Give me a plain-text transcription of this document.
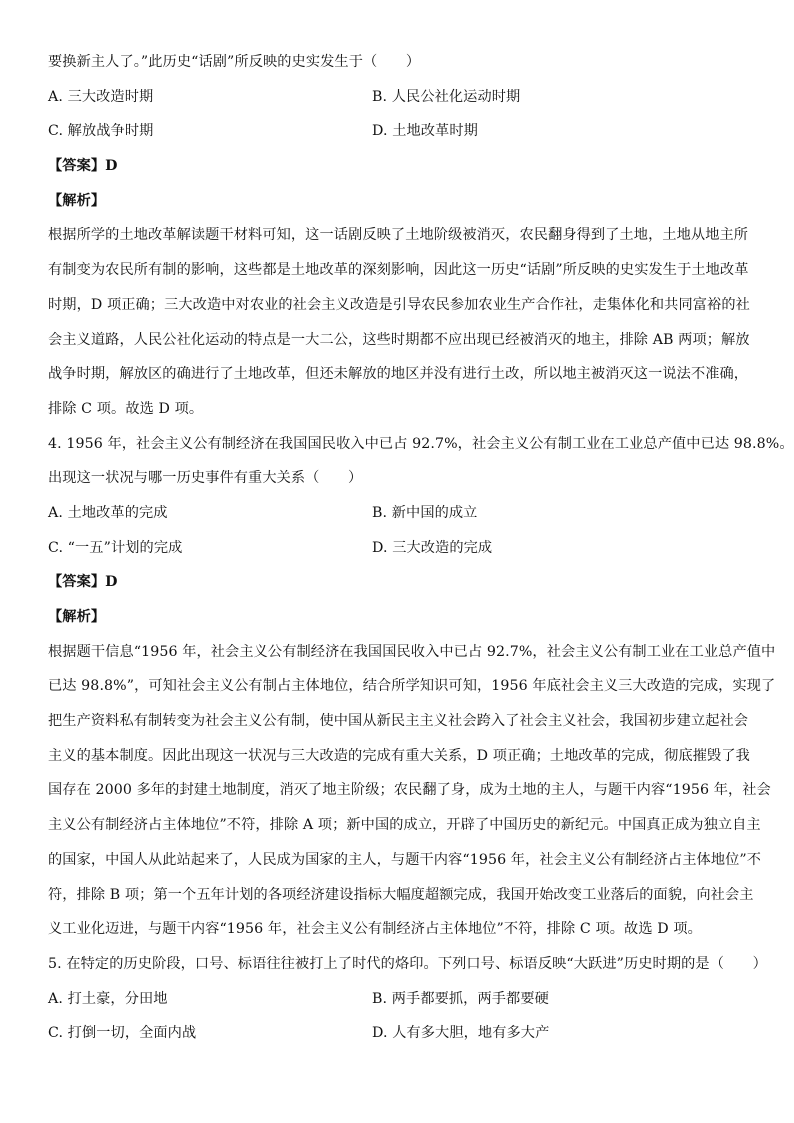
要换新主人了。”此历史“话剧”所反映的史实发生于（　　）

A. 三大改造时期	B. 人民公社化运动时期

C. 解放战争时期	D. 土地改革时期

【答案】D

【解析】

根据所学的土地改革解读题干材料可知，这一话剧反映了土地阶级被消灭，农民翻身得到了土地，土地从地主所

有制变为农民所有制的影响，这些都是土地改革的深刻影响，因此这一历史“话剧”所反映的史实发生于土地改革

时期，D 项正确；三大改造中对农业的社会主义改造是引导农民参加农业生产合作社，走集体化和共同富裕的社

会主义道路，人民公社化运动的特点是一大二公，这些时期都不应出现已经被消灭的地主，排除 AB 两项；解放

战争时期，解放区的确进行了土地改革，但还未解放的地区并没有进行土改，所以地主被消灭这一说法不准确，

排除 C 项。故选 D 项。

4. 1956 年，社会主义公有制经济在我国国民收入中已占 92.7%，社会主义公有制工业在工业总产值中已达 98.8%。

出现这一状况与哪一历史事件有重大关系（　　）

A. 土地改革的完成	B. 新中国的成立

C. “一五”计划的完成	D. 三大改造的完成

【答案】D

【解析】

根据题干信息“1956 年，社会主义公有制经济在我国国民收入中已占 92.7%，社会主义公有制工业在工业总产值中

已达 98.8%”，可知社会主义公有制占主体地位，结合所学知识可知，1956 年底社会主义三大改造的完成，实现了

把生产资料私有制转变为社会主义公有制，使中国从新民主主义社会跨入了社会主义社会，我国初步建立起社会

主义的基本制度。因此出现这一状况与三大改造的完成有重大关系，D 项正确；土地改革的完成，彻底摧毁了我

国存在 2000 多年的封建土地制度，消灭了地主阶级；农民翻了身，成为土地的主人，与题干内容“1956 年，社会

主义公有制经济占主体地位”不符，排除 A 项；新中国的成立，开辟了中国历史的新纪元。中国真正成为独立自主

的国家，中国人从此站起来了，人民成为国家的主人，与题干内容“1956 年，社会主义公有制经济占主体地位”不

符，排除 B 项；第一个五年计划的各项经济建设指标大幅度超额完成，我国开始改变工业落后的面貌，向社会主

义工业化迈进，与题干内容“1956 年，社会主义公有制经济占主体地位”不符，排除 C 项。故选 D 项。

5. 在特定的历史阶段，口号、标语往往被打上了时代的烙印。下列口号、标语反映“大跃进”历史时期的是（　　）

A. 打土豪，分田地	B. 两手都要抓，两手都要硬

C. 打倒一切，全面内战	D. 人有多大胆，地有多大产
